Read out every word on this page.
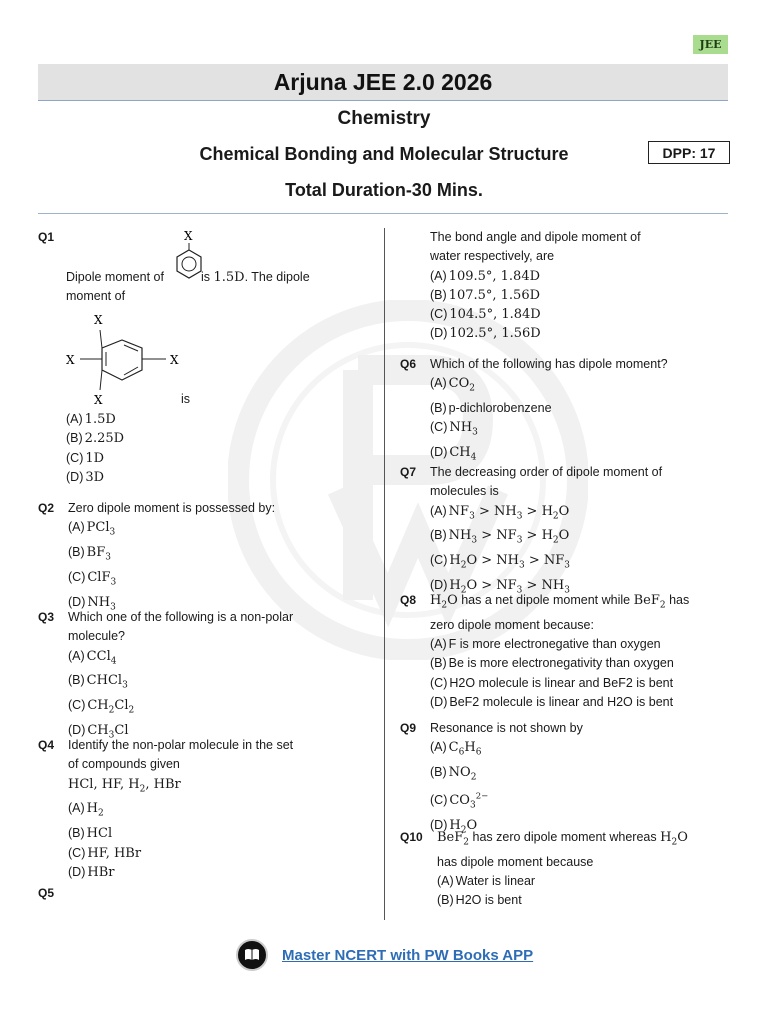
JEE
Arjuna JEE 2.0 2026
Chemistry
Chemical Bonding and Molecular Structure	DPP: 17
Total Duration-30 Mins.
Q1	X
Dipole moment of	is 1.5D. The dipole
moment of
X
X
X
X	is
(A) 1.5D
(B) 2.25D
(C) 1D
(D) 3D
Q2 Zero dipole moment is possessed by:
(A) PCl$_3$
(B) $BF_3$
(C) ClF$_3$
(D) $NH_3$
Q3 Which one of the following is a non-polar
molecule?
(A) CCl$_4$
(B) CHCl$_3$
(C) $CH_2Cl_2$
(D) $CH_3Cl$
Q4 Identify the non-polar molecule in the set
of compounds given
HCl, HF, $H_2$, HBr
(A) $H_2$
(B) HCl
(C) HF, HBr
(D) HBr
Q5
The bond angle and dipole moment of
water respectively, are
(A) 109.5°, 1.84D
(B) 107.5°, 1.56D
(C) 104.5°, 1.84D
(D) 102.5°, 1.56D
Q6 Which of the following has dipole moment?
(A) $CO_2$
(B) p-dichlorobenzene
(C) $NH_3$
(D) $CH_4$
Q7 The decreasing order of dipole moment of
molecules is
(A) $NF_3 > NH_3 > H_2O$
(B) $NH_3 > NF_3 > H_2O$
(C) $H_2O > NH_3 > NF_3$
(D) $H_2O > NF_3 > NH_3$
Q8 $H_2O$ has a net dipole moment while BeF$_2$ has
zero dipole moment because:
(A) F is more electronegative than oxygen
(B) Be is more electronegativity than oxygen
(C) H2O molecule is linear and BeF2 is bent
(D) BeF2 molecule is linear and H2O is bent
Q9 Resonance is not shown by
(A) $C_6H_6$
(B) $NO_2$
(C) $CO_3^{2-}$
(D) $H_2O$
Q10 BeF$_2$ has zero dipole moment whereas $H_2O$
has dipole moment because
(A) Water is linear
(B) H2O is bent
Master NCERT with PW Books APP
